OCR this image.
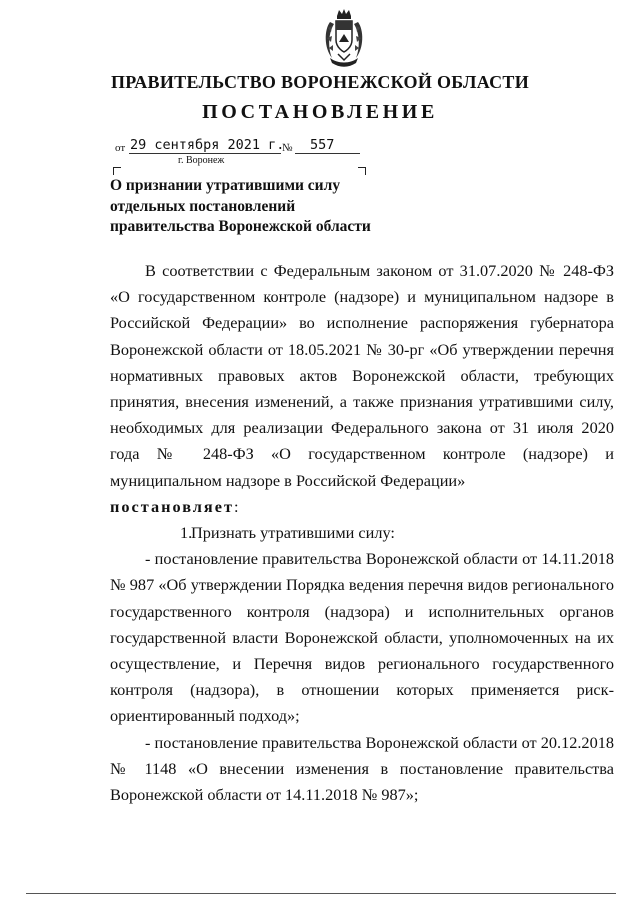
ПРАВИТЕЛЬСТВО ВОРОНЕЖСКОЙ ОБЛАСТИ
ПОСТАНОВЛЕНИЕ
от 29 сентября 2021 г.
№ 557
г. Воронеж
О признании утратившими силу
отдельных постановлений
правительства Воронежской области

В соответствии с Федеральным законом от 31.07.2020 № 248-ФЗ «О государственном контроле (надзоре) и муниципальном надзоре в Российской Федерации» во исполнение распоряжения губернатора Воронежской области от 18.05.2021 № 30-рг «Об утверждении перечня нормативных правовых актов Воронежской области, требующих принятия, внесения изменений, а также признания утратившими силу, необходимых для реализации Федерального закона от 31 июля 2020 года № 248-ФЗ «О государственном контроле (надзоре) и муниципальном надзоре в Российской Федерации»
постановляет:

1.Признать утратившими силу:

- постановление правительства Воронежской области от 14.11.2018 № 987 «Об утверждении Порядка ведения перечня видов регионального государственного контроля (надзора) и исполнительных органов государственной власти Воронежской области, уполномоченных на их осуществление, и Перечня видов регионального государственного контроля (надзора), в отношении которых применяется риск-ориентированный подход»;

- постановление правительства Воронежской области от 20.12.2018 № 1148 «О внесении изменения в постановление правительства Воронежской области от 14.11.2018 № 987»;
